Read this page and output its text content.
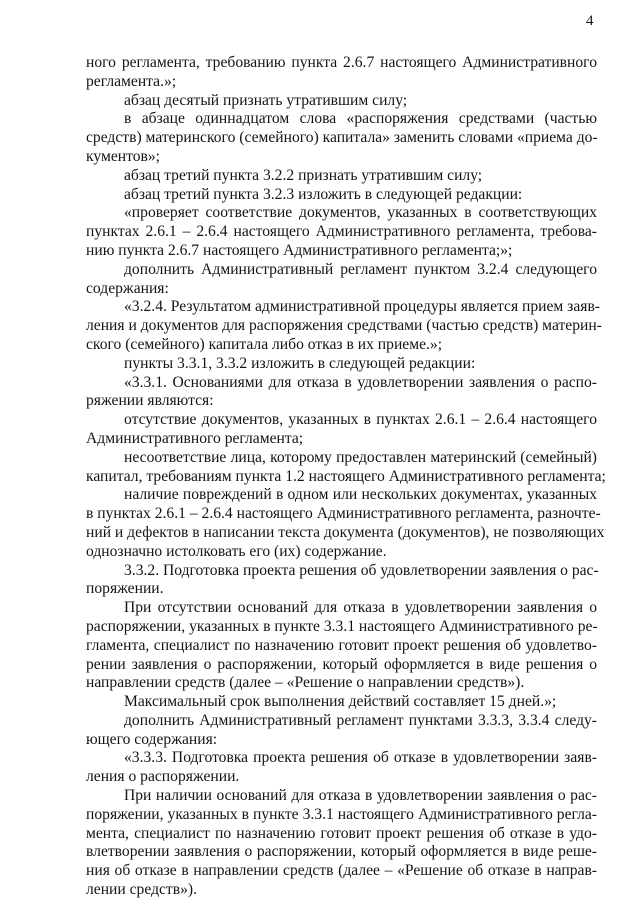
4
ного регламента, требованию пункта 2.6.7 настоящего Административного
регламента.»;
абзац десятый признать утратившим силу;
в абзаце одиннадцатом слова «распоряжения средствами (частью
средств) материнского (семейного) капитала» заменить словами «приема до-
кументов»;
абзац третий пункта 3.2.2 признать утратившим силу;
абзац третий пункта 3.2.3 изложить в следующей редакции:
«проверяет соответствие документов, указанных в соответствующих
пунктах 2.6.1 – 2.6.4 настоящего Административного регламента, требова-
нию пункта 2.6.7 настоящего Административного регламента;»;
дополнить Административный регламент пунктом 3.2.4 следующего
содержания:
«3.2.4. Результатом административной процедуры является прием заяв-
ления и документов для распоряжения средствами (частью средств) материн-
ского (семейного) капитала либо отказ в их приеме.»;
пункты 3.3.1, 3.3.2 изложить в следующей редакции:
«3.3.1. Основаниями для отказа в удовлетворении заявления о распо-
ряжении являются:
отсутствие документов, указанных в пунктах 2.6.1 – 2.6.4 настоящего
Административного регламента;
несоответствие лица, которому предоставлен материнский (семейный)
капитал, требованиям пункта 1.2 настоящего Административного регламента;
наличие повреждений в одном или нескольких документах, указанных
в пунктах 2.6.1 – 2.6.4 настоящего Административного регламента, разночте-
ний и дефектов в написании текста документа (документов), не позволяющих
однозначно истолковать его (их) содержание.
3.3.2. Подготовка проекта решения об удовлетворении заявления о рас-
поряжении.
При отсутствии оснований для отказа в удовлетворении заявления о
распоряжении, указанных в пункте 3.3.1 настоящего Административного ре-
гламента, специалист по назначению готовит проект решения об удовлетво-
рении заявления о распоряжении, который оформляется в виде решения о
направлении средств (далее – «Решение о направлении средств»).
Максимальный срок выполнения действий составляет 15 дней.»;
дополнить Административный регламент пунктами 3.3.3, 3.3.4 следу-
ющего содержания:
«3.3.3. Подготовка проекта решения об отказе в удовлетворении заяв-
ления о распоряжении.
При наличии оснований для отказа в удовлетворении заявления о рас-
поряжении, указанных в пункте 3.3.1 настоящего Административного регла-
мента, специалист по назначению готовит проект решения об отказе в удо-
влетворении заявления о распоряжении, который оформляется в виде реше-
ния об отказе в направлении средств (далее – «Решение об отказе в направ-
лении средств»).
